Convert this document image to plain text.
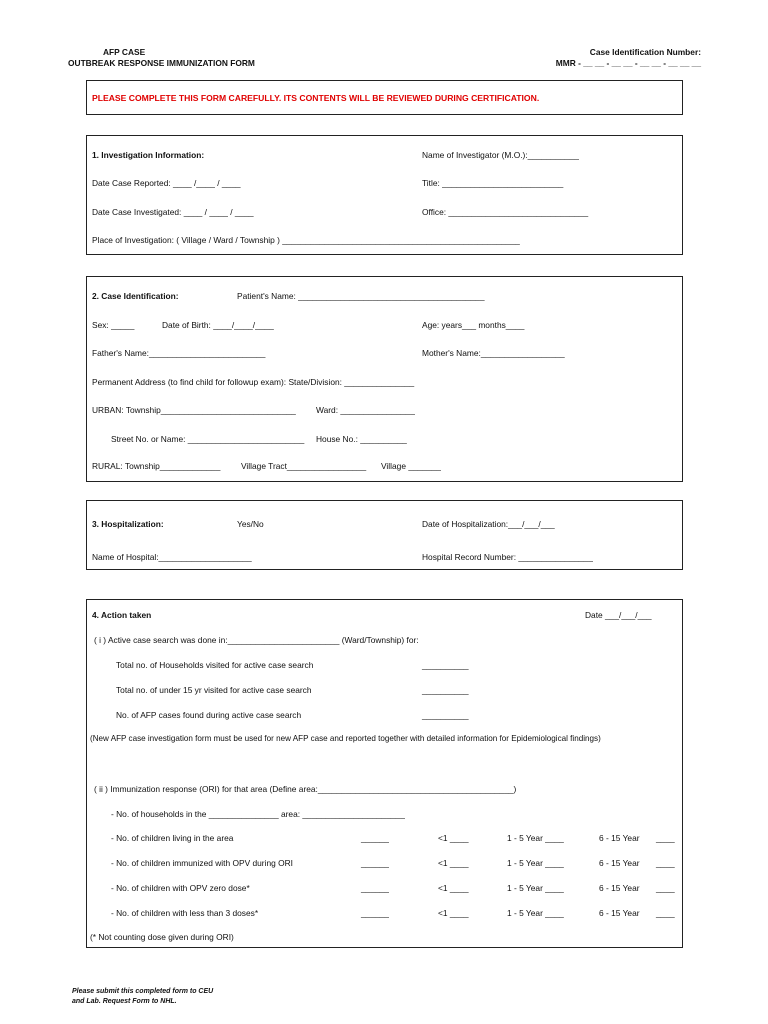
AFP CASE
OUTBREAK RESPONSE IMMUNIZATION FORM
Case Identification Number:
MMR - __ __ - __ __ - __ __ - __ __ __
PLEASE COMPLETE THIS FORM CAREFULLY. ITS CONTENTS WILL BE REVIEWED DURING CERTIFICATION.
1. Investigation Information:	Name of Investigator (M.O.):___________
Date Case Reported: ____ /____ / ____	Title: __________________________
Date Case Investigated: ____ / ____ / ____	Office: ______________________________
Place of Investigation: ( Village / Ward / Township ) ___________________________________________________
2. Case Identification:	Patient's Name: ________________________________________
Sex: _____	Date of Birth: ____/____/____	Age: years___ months____
Father's Name:_________________________	Mother's Name:__________________
Permanent Address (to find child for followup exam): State/Division: _______________
URBAN: Township_____________________________ Ward: ________________
Street No. or Name: _________________________ House No.: __________
RURAL: Township_____________ Village Tract_________________ Village _______
3. Hospitalization:	Yes/No	Date of Hospitalization:___/___/___
Name of Hospital:____________________	Hospital Record Number: ________________
4. Action taken	Date ___/___/___
( i ) Active case search was done in:________________________ (Ward/Township) for:
Total no. of Households visited for active case search	__________
Total no. of under 15 yr visited for active case search	__________
No. of AFP cases found during active case search	__________
(New AFP case investigation form must be used for new AFP case and reported together with detailed information for Epidemiological findings)
( ii ) Immunization response (ORI) for that area (Define area:__________________________________________)
- No. of households in the _______________ area: ______________________
- No. of children living in the area	______	<1 ____	1 - 5 Year ____	6 - 15 Year ____
- No. of children immunized with OPV during ORI	______	<1 ____	1 - 5 Year ____	6 - 15 Year ____
- No. of children with OPV zero dose*	______	<1 ____	1 - 5 Year ____	6 - 15 Year ____
- No. of children with less than 3 doses*	______	<1 ____	1 - 5 Year ____	6 - 15 Year ____
(* Not counting dose given during ORI)
Please submit this completed form to CEU
and Lab. Request Form to NHL.
